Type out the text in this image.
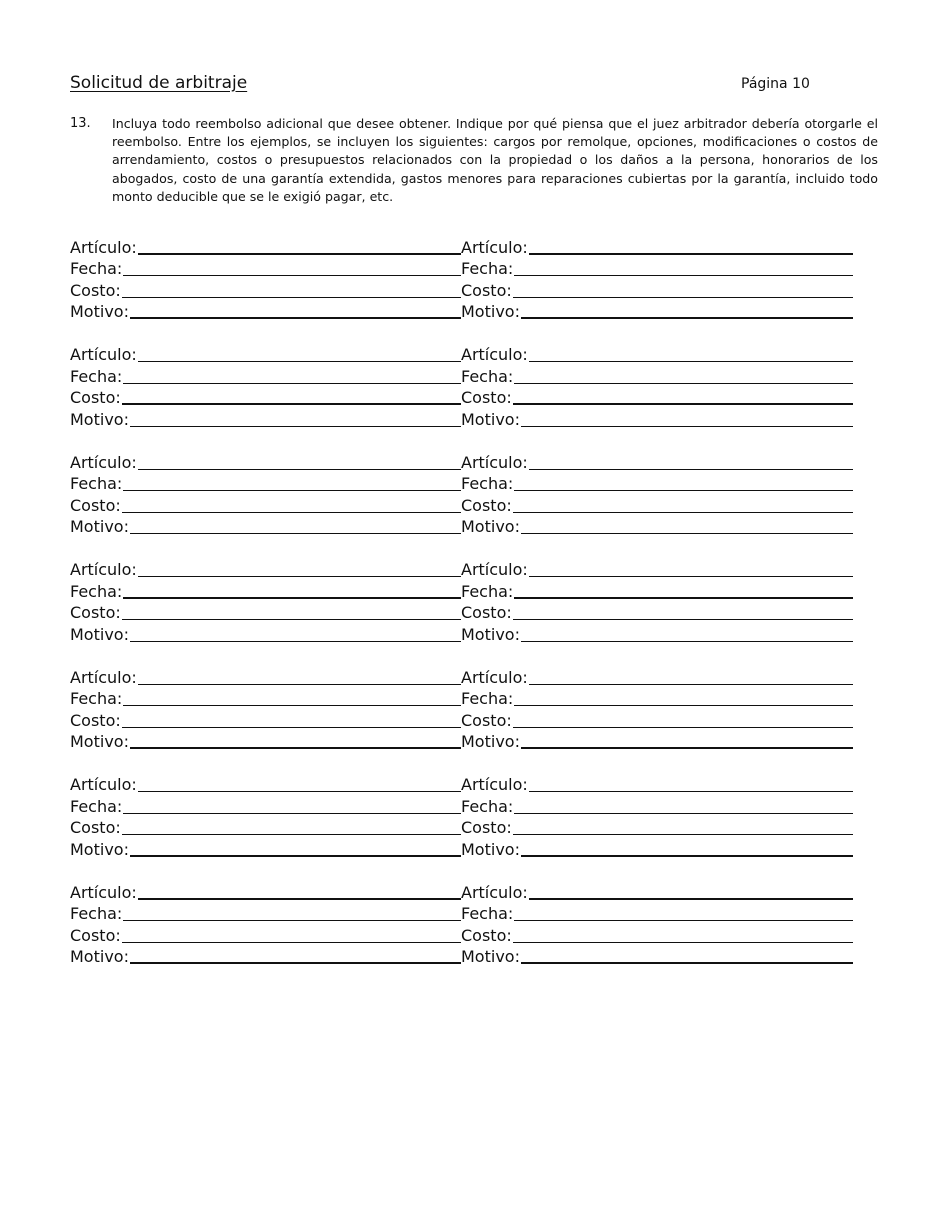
Solicitud de arbitraje	Página 10
13. Incluya todo reembolso adicional que desee obtener. Indique por qué piensa que el juez arbitrador debería otorgarle el reembolso. Entre los ejemplos, se incluyen los siguientes: cargos por remolque, opciones, modificaciones o costos de arrendamiento, costos o presupuestos relacionados con la propiedad o los daños a la persona, honorarios de los abogados, costo de una garantía extendida, gastos menores para reparaciones cubiertas por la garantía, incluido todo monto deducible que se le exigió pagar, etc.
Artículo:	Artículo:
Fecha:	Fecha:
Costo:	Costo:
Motivo:	Motivo:
Artículo:	Artículo:
Fecha:	Fecha:
Costo:	Costo:
Motivo:	Motivo:
Artículo:	Artículo:
Fecha:	Fecha:
Costo:	Costo:
Motivo:	Motivo:
Artículo:	Artículo:
Fecha:	Fecha:
Costo:	Costo:
Motivo:	Motivo:
Artículo:	Artículo:
Fecha:	Fecha:
Costo:	Costo:
Motivo:	Motivo:
Artículo:	Artículo:
Fecha:	Fecha:
Costo:	Costo:
Motivo:	Motivo:
Artículo:	Artículo:
Fecha:	Fecha:
Costo:	Costo:
Motivo:	Motivo:
